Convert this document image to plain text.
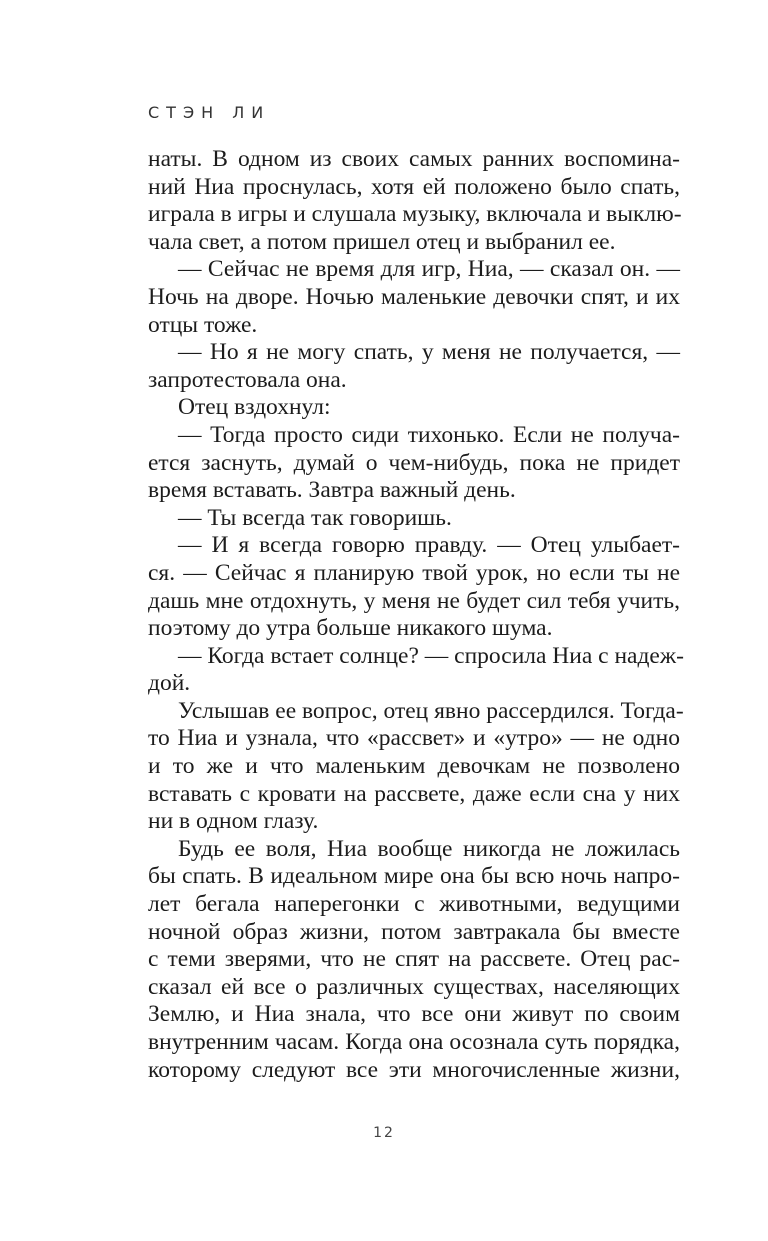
СТЭН ЛИ
наты. В одном из своих самых ранних воспомина-
ний Ниа проснулась, хотя ей положено было спать,
играла в игры и слушала музыку, включала и выклю-
чала свет, а потом пришел отец и выбранил ее.
— Сейчас не время для игр, Ниа, — сказал он. —
Ночь на дворе. Ночью маленькие девочки спят, и их
отцы тоже.
— Но я не могу спать, у меня не получается, —
запротестовала она.
Отец вздохнул:
— Тогда просто сиди тихонько. Если не получа-
ется заснуть, думай о чем-нибудь, пока не придет
время вставать. Завтра важный день.
— Ты всегда так говоришь.
— И я всегда говорю правду. — Отец улыбает-
ся. — Сейчас я планирую твой урок, но если ты не
дашь мне отдохнуть, у меня не будет сил тебя учить,
поэтому до утра больше никакого шума.
— Когда встает солнце? — спросила Ниа с надеж-
дой.
Услышав ее вопрос, отец явно рассердился. Тогда-
то Ниа и узнала, что «рассвет» и «утро» — не одно
и то же и что маленьким девочкам не позволено
вставать с кровати на рассвете, даже если сна у них
ни в одном глазу.
Будь ее воля, Ниа вообще никогда не ложилась
бы спать. В идеальном мире она бы всю ночь напро-
лет бегала наперегонки с животными, ведущими
ночной образ жизни, потом завтракала бы вместе
с теми зверями, что не спят на рассвете. Отец рас-
сказал ей все о различных существах, населяющих
Землю, и Ниа знала, что все они живут по своим
внутренним часам. Когда она осознала суть порядка,
которому следуют все эти многочисленные жизни,
12
